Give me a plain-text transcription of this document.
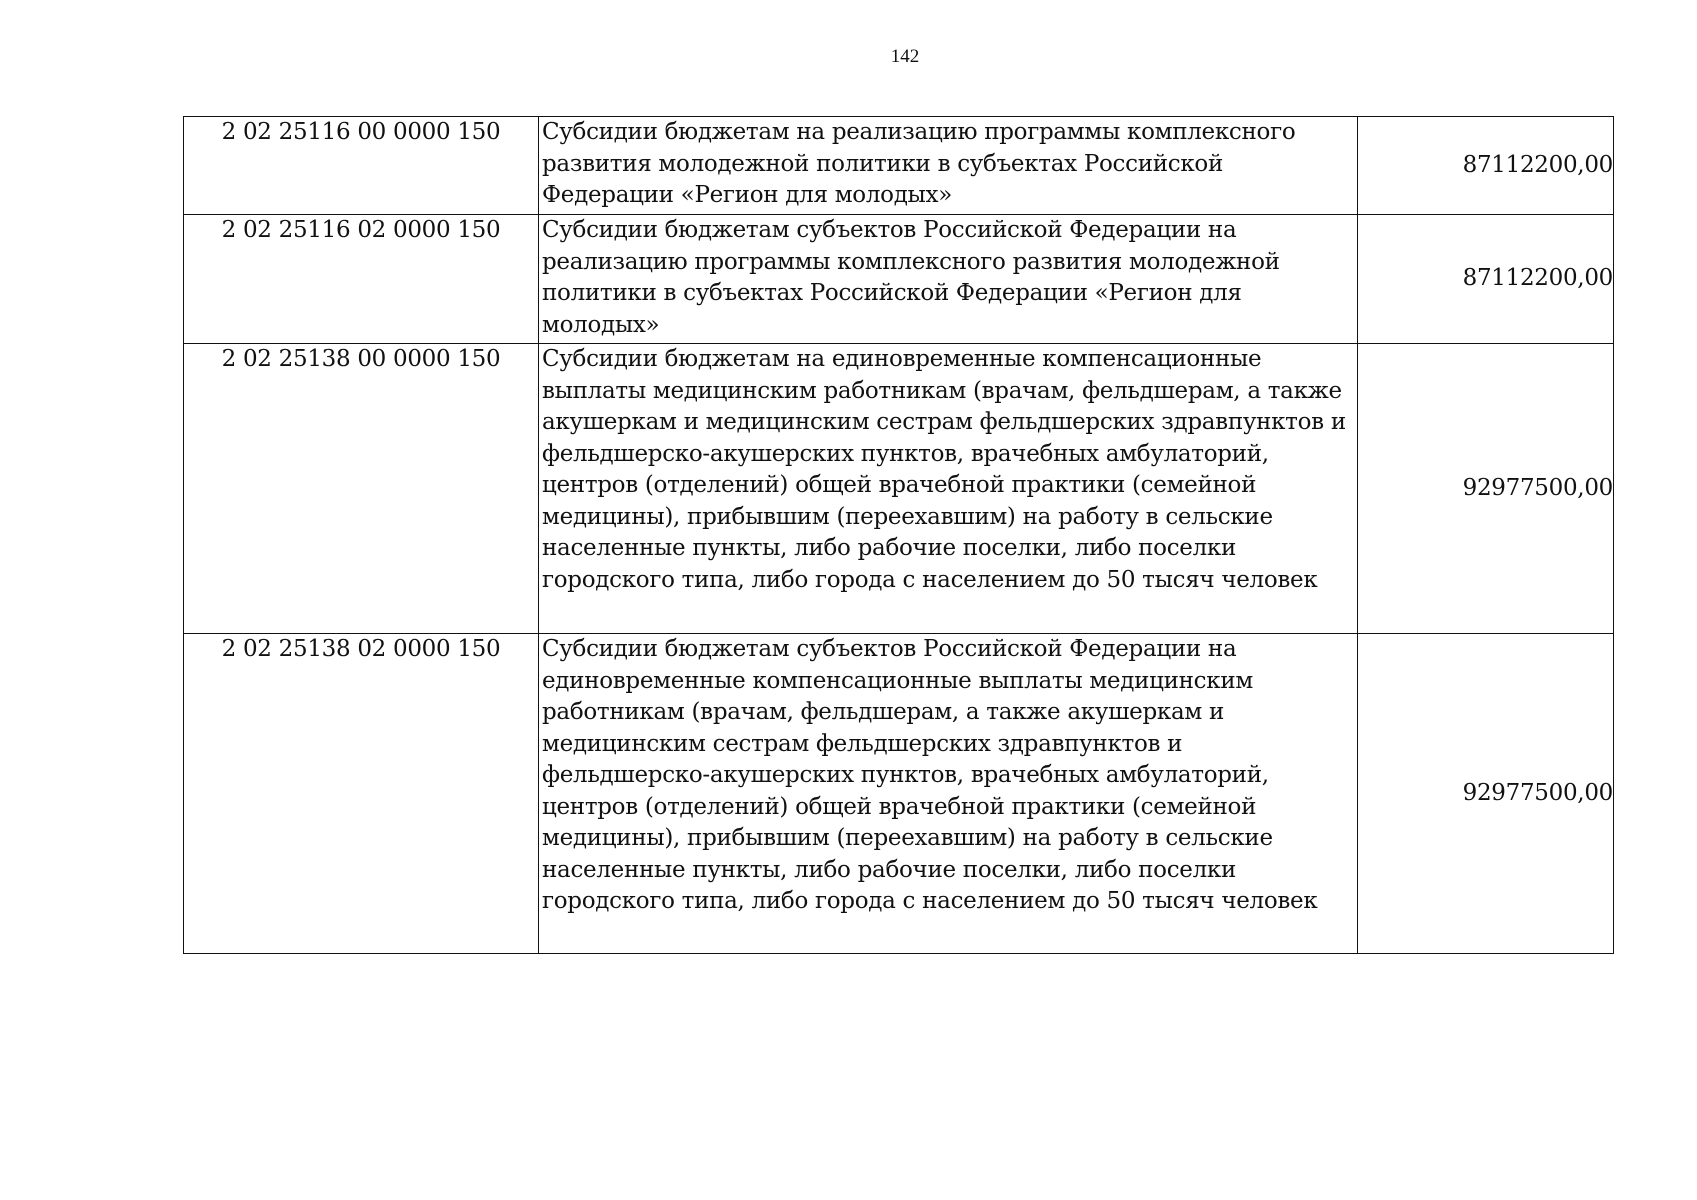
142
2 02 25116 00 0000 150	Субсидии бюджетам на реализацию программы комплексного развития молодежной политики в субъектах Российской Федерации «Регион для молодых»	87112200,00
2 02 25116 02 0000 150	Субсидии бюджетам субъектов Российской Федерации на реализацию программы комплексного развития молодежной политики в субъектах Российской Федерации «Регион для молодых»	87112200,00
2 02 25138 00 0000 150	Субсидии бюджетам на единовременные компенсационные выплаты медицинским работникам (врачам, фельдшерам, а также акушеркам и медицинским сестрам фельдшерских здравпунктов и фельдшерско-акушерских пунктов, врачебных амбулаторий, центров (отделений) общей врачебной практики (семейной медицины), прибывшим (переехавшим) на работу в сельские населенные пункты, либо рабочие поселки, либо поселки городского типа, либо города с населением до 50 тысяч человек	92977500,00
2 02 25138 02 0000 150	Субсидии бюджетам субъектов Российской Федерации на единовременные компенсационные выплаты медицинским работникам (врачам, фельдшерам, а также акушеркам и медицинским сестрам фельдшерских здравпунктов и фельдшерско-акушерских пунктов, врачебных амбулаторий, центров (отделений) общей врачебной практики (семейной медицины), прибывшим (переехавшим) на работу в сельские населенные пункты, либо рабочие поселки, либо поселки городского типа, либо города с населением до 50 тысяч человек	92977500,00
